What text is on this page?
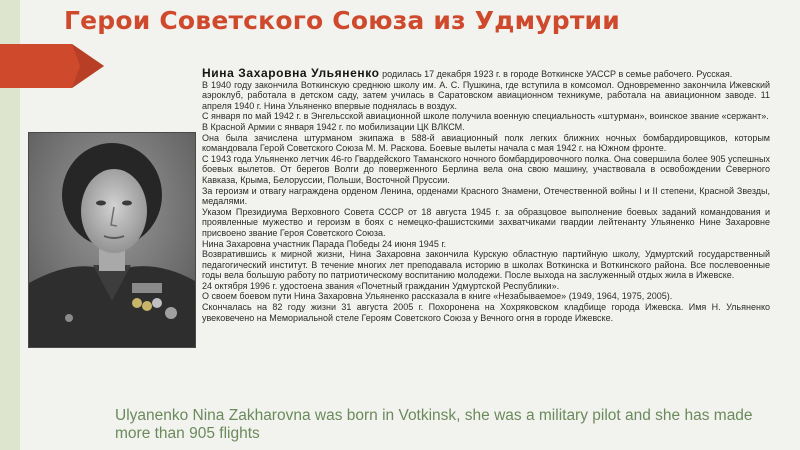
Герои Советского Союза из Удмуртии

Нина Захаровна Ульяненко родилась 17 декабря 1923 г. в городе Воткинске УАССР в семье рабочего. Русская.

В 1940 году закончила Воткинскую среднюю школу им. А. С. Пушкина, где вступила в комсомол. Одновременно закончила Ижевский аэроклуб, работала в детском саду, затем училась в Саратовском авиационном техникуме, работала на авиационном заводе. 11 апреля 1940 г. Нина Ульяненко впервые поднялась в воздух.

С января по май 1942 г. в Энгельсской авиационной школе получила военную специальность «штурман», воинское звание «сержант».

В Красной Армии с января 1942 г. по мобилизации ЦК ВЛКСМ.

Она была зачислена штурманом экипажа в 588-й авиационный полк легких ближних ночных бомбардировщиков, которым командовала Герой Советского Союза М. М. Раскова. Боевые вылеты начала с мая 1942 г. на Южном фронте.

С 1943 года Ульяненко летчик 46-го Гвардейского Таманского ночного бомбардировочного полка. Она совершила более 905 успешных боевых вылетов. От берегов Волги до поверженного Берлина вела она свою машину, участвовала в освобождении Северного Кавказа, Крыма, Белоруссии, Польши, Восточной Пруссии.

За героизм и отвагу награждена орденом Ленина, орденами Красного Знамени, Отечественной войны I и II степени, Красной Звезды, медалями.

Указом Президиума Верховного Совета СССР от 18 августа 1945 г. за образцовое выполнение боевых заданий командования и проявленные мужество и героизм в боях с немецко-фашистскими захватчиками гвардии лейтенанту Ульяненко Нине Захаровне присвоено звание Героя Советского Союза.

Нина Захаровна участник Парада Победы 24 июня 1945 г.

Возвратившись к мирной жизни, Нина Захаровна закончила Курскую областную партийную школу, Удмуртский государственный педагогический институт. В течение многих лет преподавала историю в школах Воткинска и Воткинского района. Все послевоенные годы вела большую работу по патриотическому воспитанию молодежи. После выхода на заслуженный отдых жила в Ижевске.

24 октября 1996 г. удостоена звания «Почетный гражданин Удмуртской Республики».

О своем боевом пути Нина Захаровна Ульяненко рассказала в книге «Незабываемое» (1949, 1964, 1975, 2005).

Скончалась на 82 году жизни 31 августа 2005 г. Похоронена на Хохряковском кладбище города Ижевска. Имя Н. Ульяненко увековечено на Мемориальной стеле Героям Советского Союза у Вечного огня в городе Ижевске.

Ulyanenko Nina Zakharovna was born in Votkinsk, she was a military pilot and she has made more than 905 flights
